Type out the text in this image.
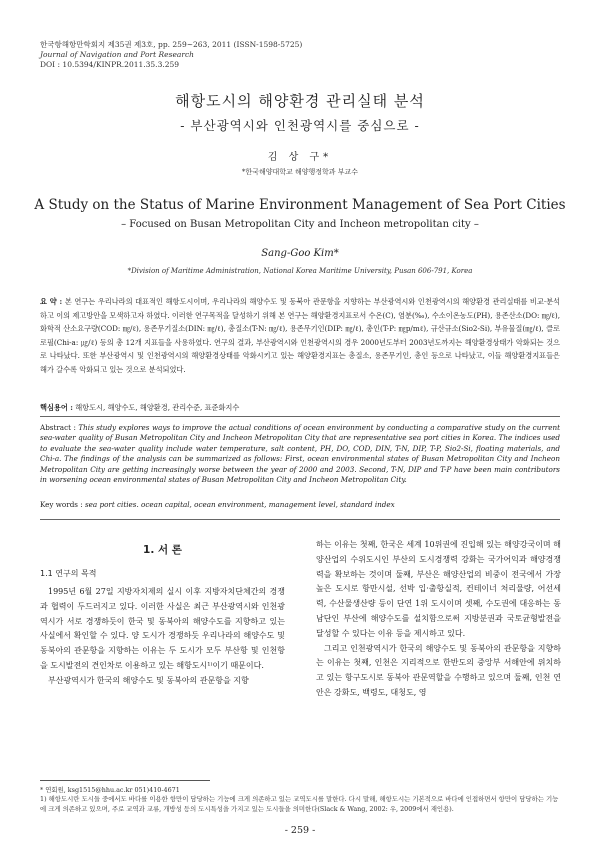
한국항해항만학회지 제35권 제3호, pp. 259~263, 2011 (ISSN-1598-5725)
Journal of Navigation and Port Research
DOI : 10.5394/KINPR.2011.35.3.259
해항도시의 해양환경 관리실태 분석
- 부산광역시와 인천광역시를 중심으로 -
김 상 구*
*한국해양대학교 해양행정학과 부교수
A Study on the Status of Marine Environment Management of Sea Port Cities
– Focused on Busan Metropolitan City and Incheon metropolitan city –
Sang-Goo Kim*
*Division of Maritime Administration, National Korea Maritime University, Pusan 606-791, Korea
요 약 : 본 연구는 우리나라의 대표적인 해항도시이며, 우리나라의 해양수도 및 동북아 관문항을 지향하는 부산광역시와 인천광역시의 해양환경 관리실태를 비교·분석하고 이의 제고방안을 모색하고자 하였다. 이러한 연구목적을 달성하기 위해 본 연구는 해양환경지표로서 수온(C), 염분(‰), 수소이온농도(PH), 용존산소(DO: ㎎/ℓ), 화학적 산소요구량(COD: ㎎/ℓ), 용존무기질소(DIN: ㎎/ℓ), 총질소(T-N: ㎎/ℓ), 용존무기인(DIP: ㎎/ℓ), 총인(T-P: ㎎p/mℓ), 규산규소(Sio2-Si), 부유물질(㎎/ℓ), 클로로필(Chi-a: ㎍/ℓ) 등의 총 12개 지표들을 사용하였다. 연구의 결과, 부산광역시와 인천광역시의 경우 2000년도부터 2003년도까지는 해양환경상태가 악화되는 것으로 나타났다. 또한 부산광역시 및 인천광역시의 해양환경상태를 악화시키고 있는 해양환경지표는 총질소, 용존무기인, 총인 등으로 나타났고, 이들 해양환경지표들은 해가 갈수록 악화되고 있는 것으로 분석되었다.
핵심용어 : 해항도시, 해양수도, 해양환경, 관리수준, 표준화지수
Abstract : This study explores ways to improve the actual conditions of ocean environment by conducting a comparative study on the current sea-water quality of Busan Metropolitan City and Incheon Metropolitan City that are representative sea port cities in Korea. The indices used to evaluate the sea-water quality include water temperature, salt content, PH, DO, COD, DIN, T-N, DIP, T-P, Sio2-Si, floating materials, and Chi-a. The findings of the analysis can be summarized as follows: First, ocean environmental states of Busan Metropolitan City and Incheon Metropolitan City are getting increasingly worse between the year of 2000 and 2003. Second, T-N, DIP and T-P have been main contributors in worsening ocean environmental states of Busan Metropolitan City and Incheon Metropolitan City.
Key words : sea port cities. ocean capital, ocean environment, management level, standard index
1. 서 론
1.1 연구의 목적

1995년 6월 27일 지방자치제의 실시 이후 지방자치단체간의 경쟁과 협력이 두드러지고 있다. 이러한 사실은 최근 부산광역시와 인천광역시가 서로 경쟁하듯이 한국 및 동북아의 해양수도를 지향하고 있는 사실에서 확인할 수 있다. 양 도시가 경쟁하듯 우리나라의 해양수도 및 동북아의 관문항을 지향하는 이유는 두 도시가 모두 부산항 및 인천항을 도시발전의 견인차로 이용하고 있는 해항도시¹⁾이기 때문이다.

부산광역시가 한국의 해양수도 및 동북아의 관문항을 지향

하는 이유는 첫째, 한국은 세계 10위권에 진입해 있는 해양강국이며 해양산업의 수위도시인 부산의 도시경쟁력 강화는 국가어익과 해양경쟁력을 확보하는 것이며 둘째, 부산은 해양산업의 비중이 전국에서 가장 높은 도시로 항만시설, 선박 입·출항실적, 컨테이너 처리물량, 어선세력, 수산물생산량 등이 단연 1위 도시이며 셋째, 수도권에 대응하는 동남단인 부산에 해양수도를 설치함으로써 지방분권과 국토균형발전을 달성할 수 있다는 이유 등을 제시하고 있다.

그리고 인천광역시가 한국의 해양수도 및 동북아의 관문항을 지향하는 이유는 첫째, 인천은 지리적으로 한반도의 중앙부 서해안에 위치하고 있는 항구도시로 동북아 관문역할을 수행하고 있으며 둘째, 인천 연안은 강화도, 백령도, 대청도, 영

* 연회원, ksg1515@hhu.ac.kr 051)410-4671
1) 해항도시란 도시들 중에서도 바다를 이용한 항만이 담당하는 기능에 크게 의존하고 있는 교역도시를 말한다. 다시 말해, 해항도시는 기본적으로 바다에 인접하면서 항만이 담당하는 기능에 크게 의존하고 있으며, 주로 교역과 교류, 개방성 등의 도시특성을 가지고 있는 도시들을 의미한다(Slack & Wang, 2002: 우, 2009에서 재인용).
- 259 -
